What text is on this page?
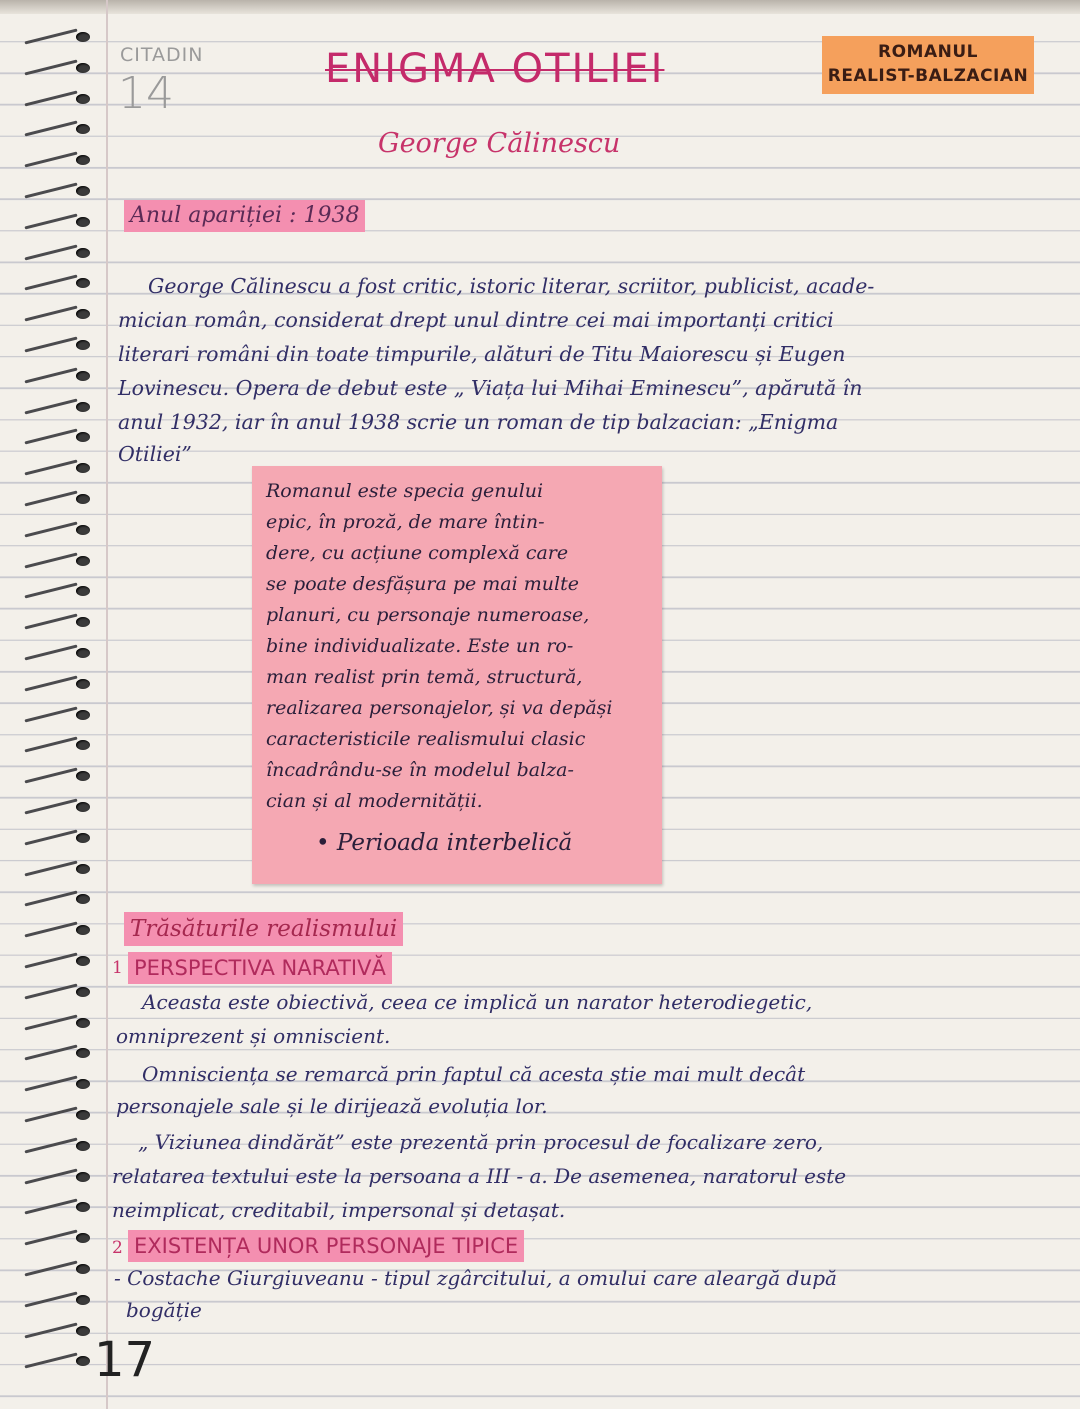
CITADIN
14	ENIGMA OTILIEI
George Călinescu
ROMANUL
REALIST-BALZACIAN
Anul apariției : 1938
George Călinescu a fost critic, istoric literar, scriitor, publicist, acade-
mician român, considerat drept unul dintre cei mai importanți critici
literari români din toate timpurile, alături de Titu Maiorescu și Eugen
Lovinescu. Opera de debut este „ Viața lui Mihai Eminescu”, apărută în
anul 1932, iar în anul 1938 scrie un roman de tip balzacian: „Enigma
Otiliei”
Romanul este specia genului
epic, în proză, de mare întin-
dere, cu acțiune complexă care
se poate desfășura pe mai multe
planuri, cu personaje numeroase,
bine individualizate. Este un ro-
man realist prin temă, structură,
realizarea personajelor, și va depăși
caracteristicile realismului clasic
încadrându-se în modelul balza-
cian și al modernității.
• Perioada interbelică
Trăsăturile realismului
1 PERSPECTIVA NARATIVĂ
Aceasta este obiectivă, ceea ce implică un narator heterodiegetic,
omniprezent și omniscient.
Omnisciența se remarcă prin faptul că acesta știe mai mult decât
personajele sale și le dirijează evoluția lor.
„ Viziunea dindărăt” este prezentă prin procesul de focalizare zero,
relatarea textului este la persoana a III - a. De asemenea, naratorul este
neimplicat, creditabil, impersonal și detașat.
2 EXISTENȚA UNOR PERSONAJE TIPICE
- Costache Giurgiuveanu - tipul zgârcitului, a omului care aleargă după
bogăție
17
